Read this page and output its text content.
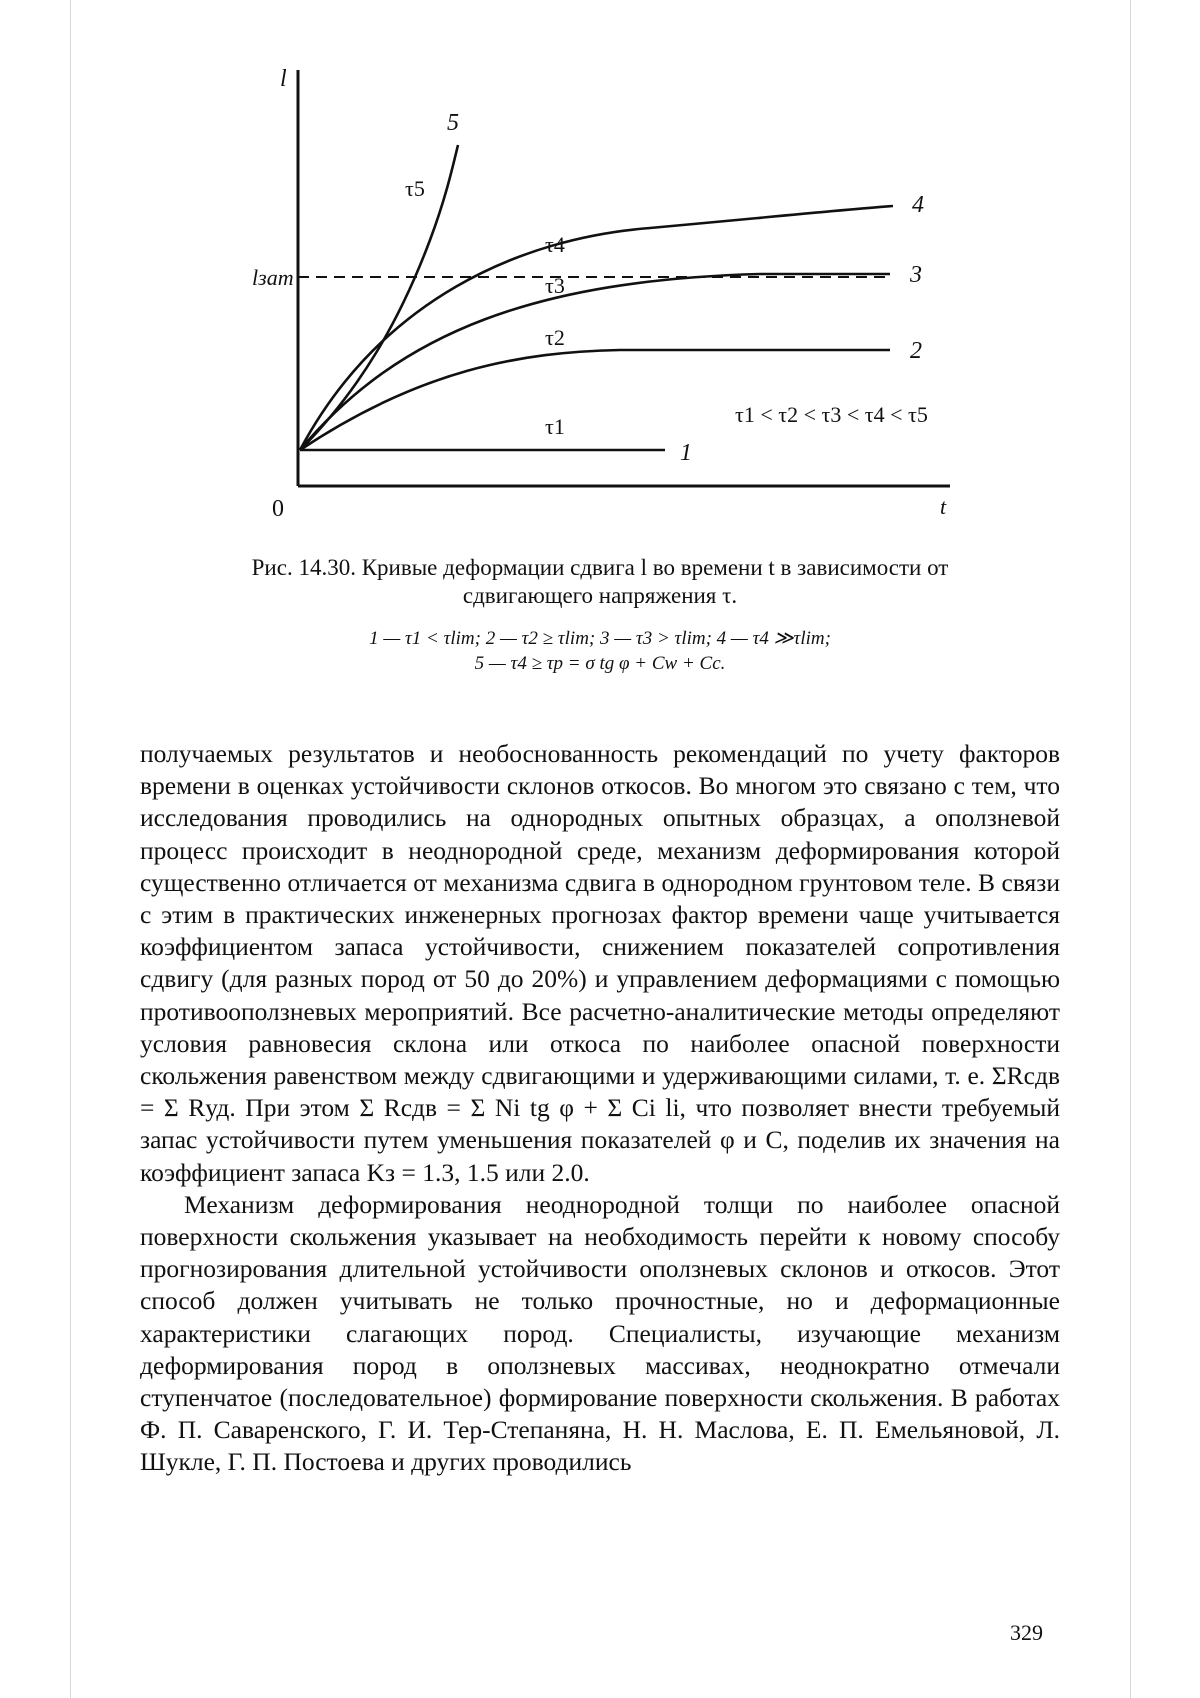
l
t
0
lзат
1
2
3
4
5
τ1
τ2
τ3
τ4
τ5
τ1 < τ2 < τ3 < τ4 < τ5
Рис. 14.30. Кривые деформации сдвига l во времени t в зависимости от
сдвигающего напряжения τ.
1 — τ1 < τlim; 2 — τ2 ≥ τlim; 3 — τ3 > τlim; 4 — τ4 ≫τlim;
5 — τ4 ≥ τp = σ tg φ + Cw + Cc.

получаемых результатов и необоснованность рекомендаций по учету факторов времени в оценках устойчивости склонов откосов. Во многом это связано с тем, что исследования проводились на однородных опытных образцах, а оползневой процесс происходит в неоднородной среде, механизм деформирования которой существенно отличается от механизма сдвига в однородном грунтовом теле. В связи с этим в практических инженерных прогнозах фактор времени чаще учитывается коэффициентом запаса устойчивости, снижением показателей сопротивления сдвигу (для разных пород от 50 до 20%) и управлением деформациями с помощью противооползневых мероприятий. Все расчетно-аналитические методы определяют условия равновесия склона или откоса по наиболее опасной поверхности скольжения равенством между сдвигающими и удерживающими силами, т. е. ΣRсдв = Σ Rуд. При этом Σ Rсдв = Σ Ni tg φ + Σ Ci li, что позволяет внести требуемый запас устойчивости путем уменьшения показателей φ и C, поделив их значения на коэффициент запаса Kз = 1.3, 1.5 или 2.0.

Механизм деформирования неоднородной толщи по наиболее опасной поверхности скольжения указывает на необходимость перейти к новому способу прогнозирования длительной устойчивости оползневых склонов и откосов. Этот способ должен учитывать не только прочностные, но и деформационные характеристики слагающих пород. Специалисты, изучающие механизм деформирования пород в оползневых массивах, неоднократно отмечали ступенчатое (последовательное) формирование поверхности скольжения. В работах Ф. П. Саваренского, Г. И. Тер-Степаняна, Н. Н. Маслова, Е. П. Емельяновой, Л. Шукле, Г. П. Постоева и других проводились

329
